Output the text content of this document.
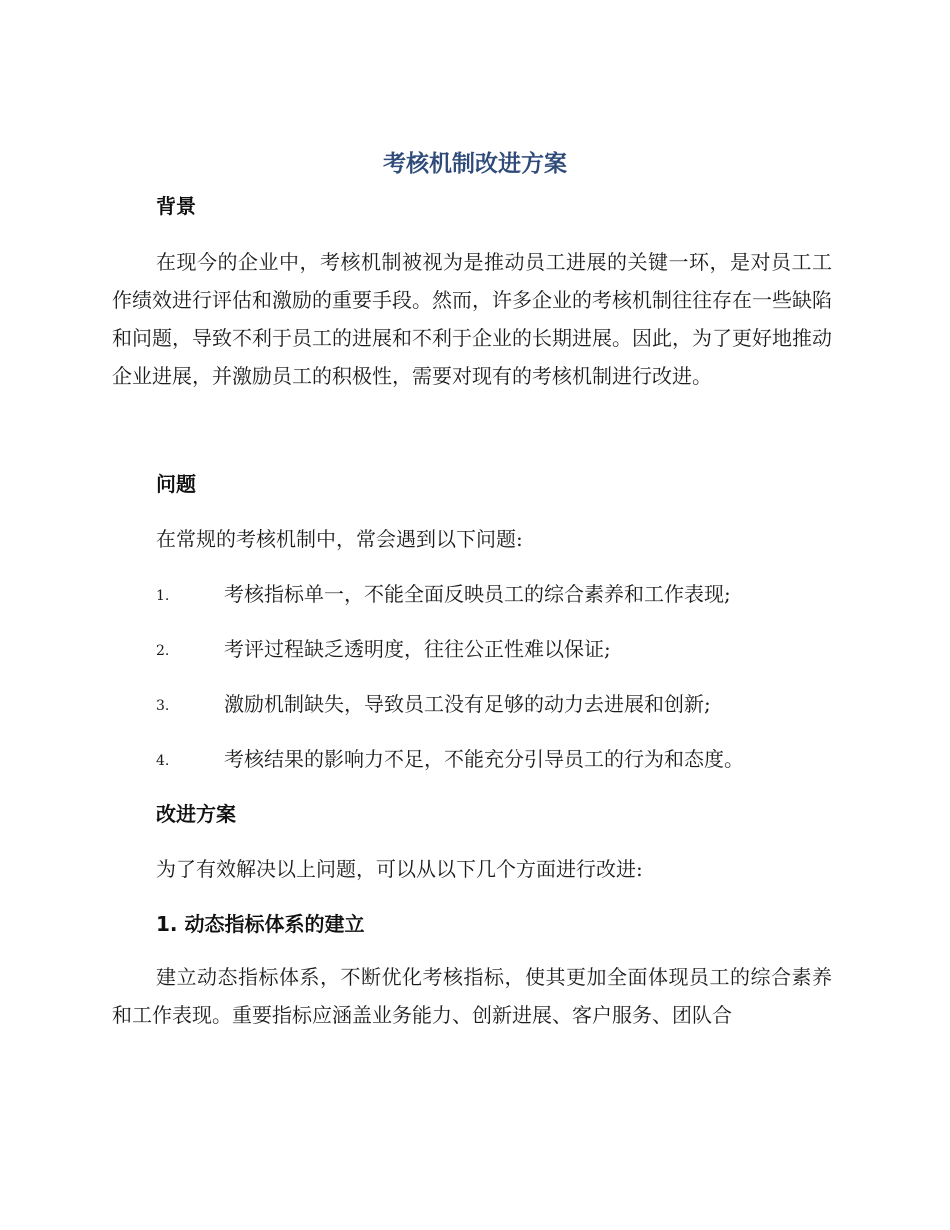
考核机制改进方案
背景
在现今的企业中，考核机制被视为是推动员工进展的关键一环，是对员工工作绩效进行评估和激励的重要手段。然而，许多企业的考核机制往往存在一些缺陷和问题，导致不利于员工的进展和不利于企业的长期进展。因此，为了更好地推动企业进展，并激励员工的积极性，需要对现有的考核机制进行改进。
问题
在常规的考核机制中，常会遇到以下问题:
1.	考核指标单一，不能全面反映员工的综合素养和工作表现;
2.	考评过程缺乏透明度，往往公正性难以保证;
3.	激励机制缺失，导致员工没有足够的动力去进展和创新;
4.	考核结果的影响力不足，不能充分引导员工的行为和态度。
改进方案
为了有效解决以上问题，可以从以下几个方面进行改进:
1. 动态指标体系的建立
建立动态指标体系，不断优化考核指标，使其更加全面体现员工的综合素养和工作表现。重要指标应涵盖业务能力、创新进展、客户服务、团队合
